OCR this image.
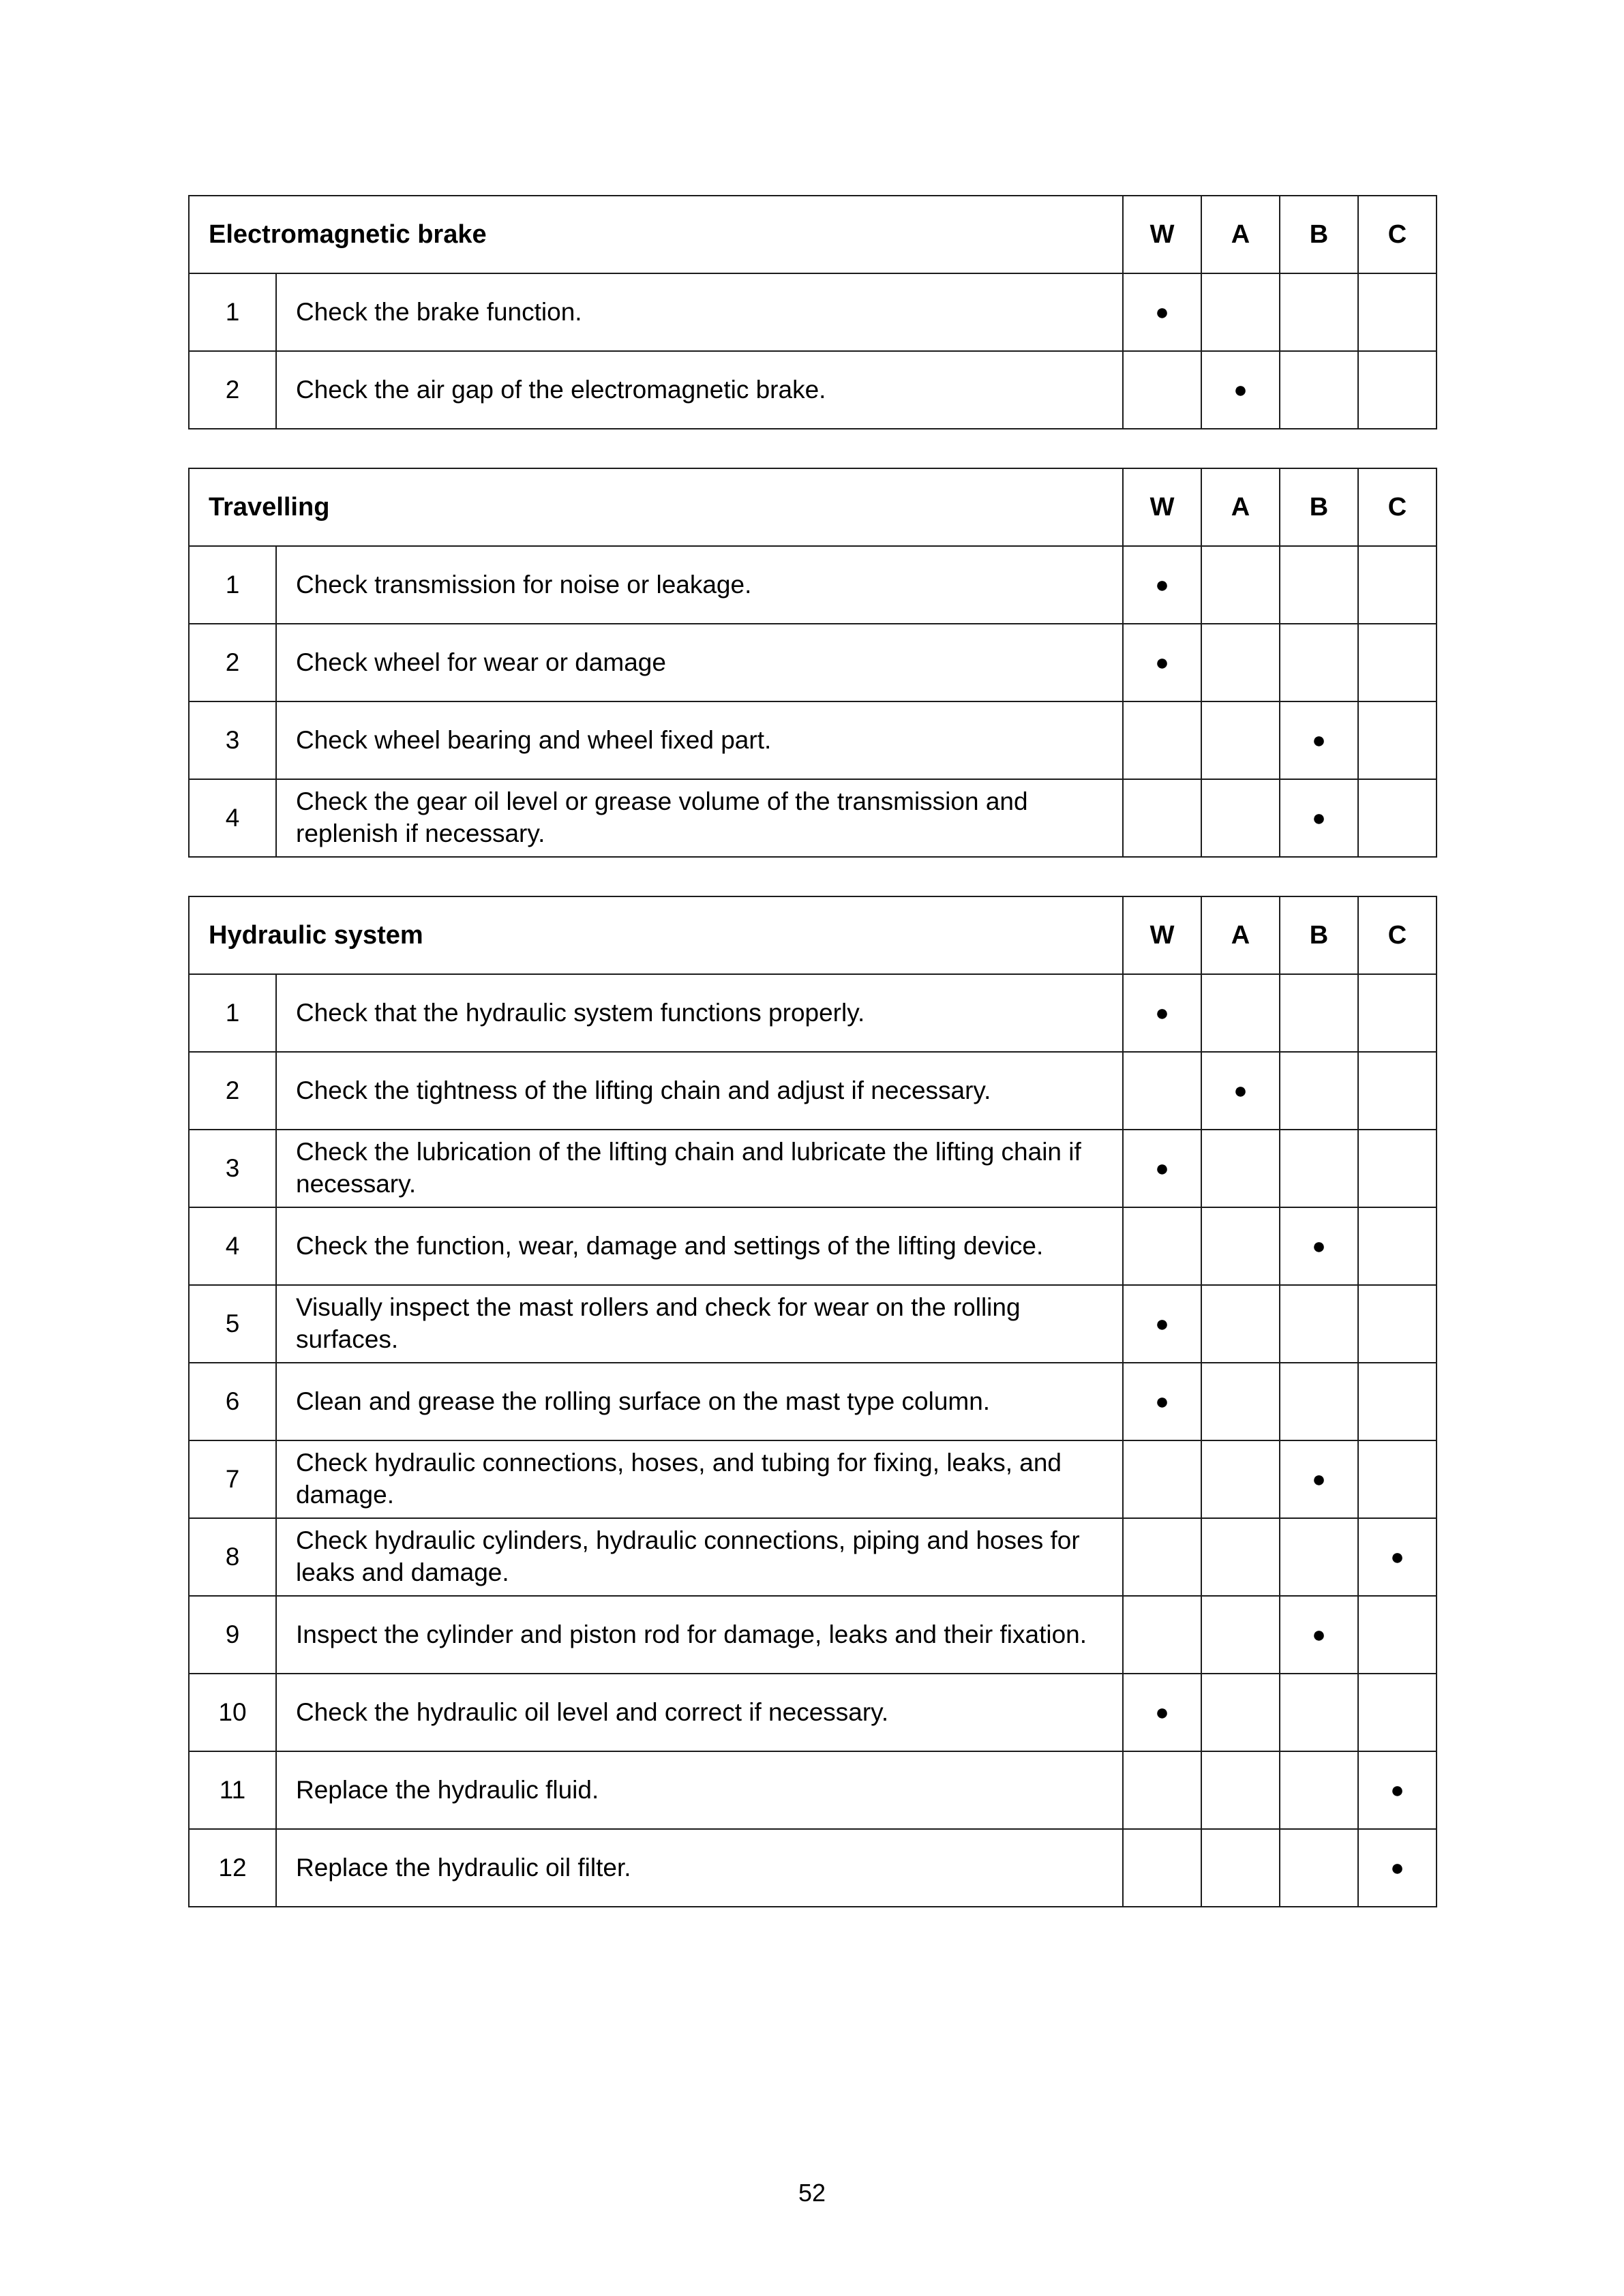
Electromagnetic brake		W	A	B	C
1	Check the brake function.	●			
2	Check the air gap of the electromagnetic brake.		●		
Travelling		W	A	B	C
1	Check transmission for noise or leakage.	●			
2	Check wheel for wear or damage	●			
3	Check wheel bearing and wheel fixed part.			●	
4	Check the gear oil level or grease volume of the transmission and replenish if necessary.			●	
Hydraulic system		W	A	B	C
1	Check that the hydraulic system functions properly.	●			
2	Check the tightness of the lifting chain and adjust if necessary.		●		
3	Check the lubrication of the lifting chain and lubricate the lifting chain if necessary.	●			
4	Check the function, wear, damage and settings of the lifting device.			●	
5	Visually inspect the mast rollers and check for wear on the rolling surfaces.	●			
6	Clean and grease the rolling surface on the mast type column.	●			
7	Check hydraulic connections, hoses, and tubing for fixing, leaks, and damage.			●	
8	Check hydraulic cylinders, hydraulic connections, piping and hoses for leaks and damage.				●
9	Inspect the cylinder and piston rod for damage, leaks and their fixation.			●	
10	Check the hydraulic oil level and correct if necessary.	●			
11	Replace the hydraulic fluid.				●
12	Replace the hydraulic oil filter.				●
52
